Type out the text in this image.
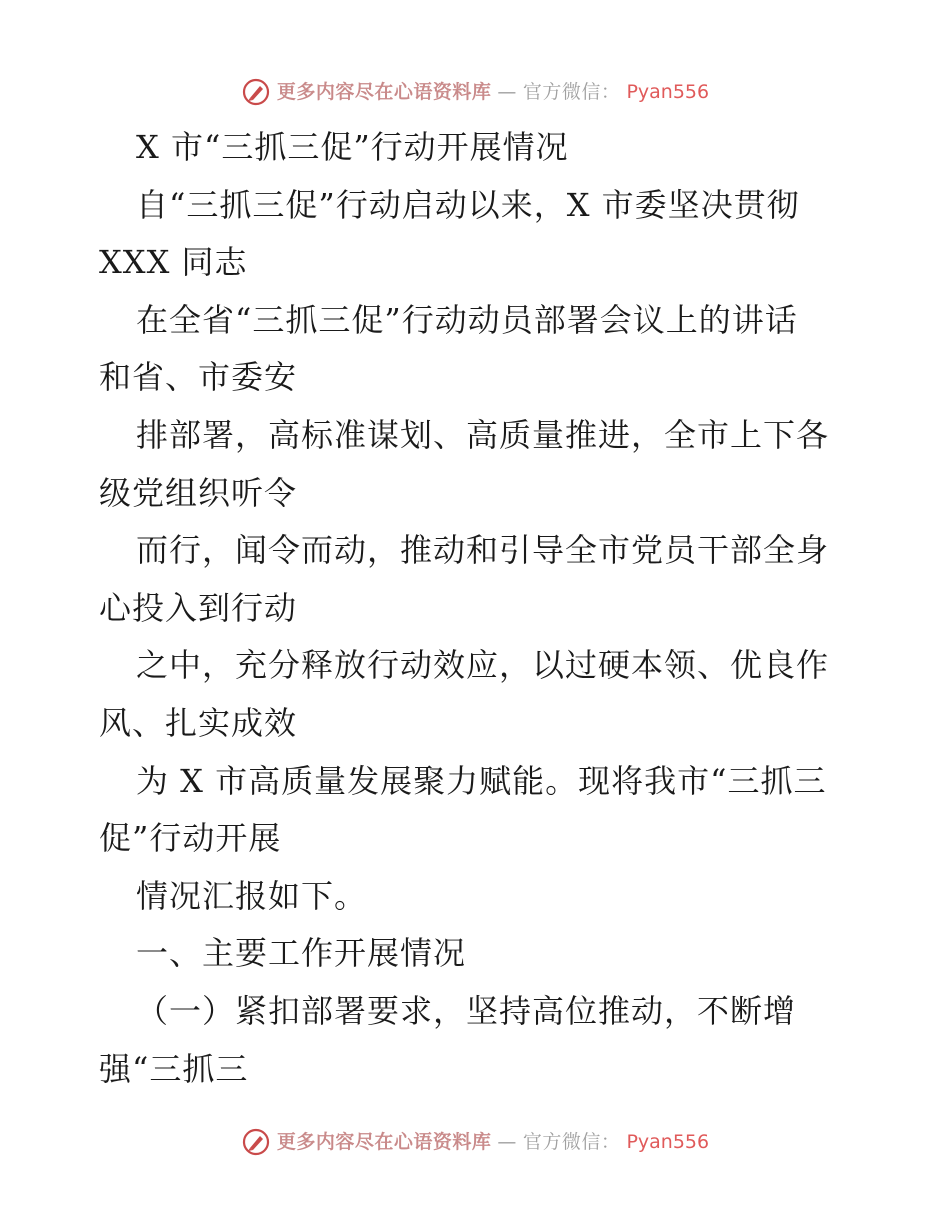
更多内容尽在心语资料库 — 官方微信： Pyan556
X 市“三抓三促”行动开展情况
自“三抓三促”行动启动以来，X 市委坚决贯彻
XXX 同志
在全省“三抓三促”行动动员部署会议上的讲话
和省、市委安
排部署，高标准谋划、高质量推进，全市上下各
级党组织听令
而行，闻令而动，推动和引导全市党员干部全身
心投入到行动
之中，充分释放行动效应，以过硬本领、优良作
风、扎实成效
为 X 市高质量发展聚力赋能。现将我市“三抓三
促”行动开展
情况汇报如下。
一、主要工作开展情况
（一）紧扣部署要求，坚持高位推动，不断增
强“三抓三
更多内容尽在心语资料库 — 官方微信： Pyan556
